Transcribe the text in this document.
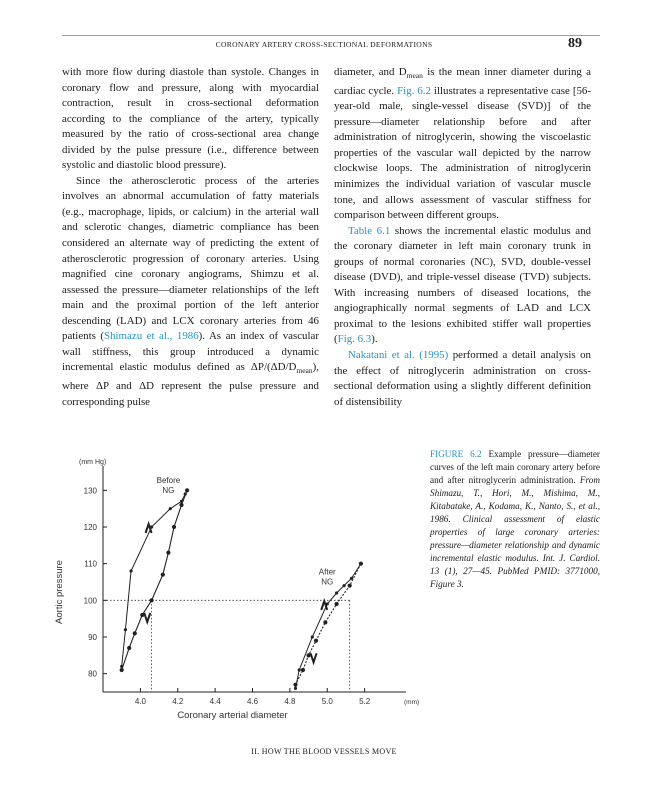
CORONARY ARTERY CROSS-SECTIONAL DEFORMATIONS	89

with more flow during diastole than systole. Changes in coronary flow and pressure, along with myocardial contraction, result in cross-sectional deformation according to the compliance of the artery, typically measured by the ratio of cross-sectional area change divided by the pulse pressure (i.e., difference between systolic and diastolic blood pressure).

Since the atherosclerotic process of the arteries involves an abnormal accumulation of fatty materials (e.g., macrophage, lipids, or calcium) in the arterial wall and sclerotic changes, diametric compliance has been considered an alternate way of predicting the extent of atherosclerotic progression of coronary arteries. Using magnified cine coronary angiograms, Shimzu et al. assessed the pressure—diameter relationships of the left main and the proximal portion of the left anterior descending (LAD) and LCX coronary arteries from 46 patients (Shimazu et al., 1986). As an index of vascular wall stiffness, this group introduced a dynamic incremental elastic modulus defined as $\Delta P/(\Delta D/D_{mean})$, where ΔP and ΔD represent the pulse pressure and corresponding pulse

diameter, and $D_{mean}$ is the mean inner diameter during a cardiac cycle. Fig. 6.2 illustrates a representative case [56-year-old male, single-vessel disease (SVD)] of the pressure—diameter relationship before and after administration of nitroglycerin, showing the viscoelastic properties of the vascular wall depicted by the narrow clockwise loops. The administration of nitroglycerin minimizes the individual variation of vascular muscle tone, and allows assessment of vascular stiffness for comparison between different groups.

Table 6.1 shows the incremental elastic modulus and the coronary diameter in left main coronary trunk in groups of normal coronaries (NC), SVD, double-vessel disease (DVD), and triple-vessel disease (TVD) subjects. With increasing numbers of diseased locations, the angiographically normal segments of LAD and LCX proximal to the lesions exhibited stiffer wall properties (Fig. 6.3).

Nakatani et al. (1995) performed a detail analysis on the effect of nitroglycerin administration on cross-sectional deformation using a slightly different definition of distensibility

80
90
100
110
120
130
4.0	4.2	4.4	4.6	4.8	5.0	5.2
Coronary arterial diameter
(mm)
Aortic pressure
(mm Hg)
Before
NG
After
NG
FIGURE 6.2 Example pressure—diameter curves of the left main coronary artery before and after nitroglycerin administration. From Shimazu, T., Hori, M., Mishima, M., Kitabatake, A., Kodama, K., Nanto, S., et al., 1986. Clinical assessment of elastic properties of large coronary arteries: pressure—diameter relationship and dynamic incremental elastic modulus. Int. J. Cardiol. 13 (1), 27—45. PubMed PMID: 3771000, Figure 3.
II. HOW THE BLOOD VESSELS MOVE
